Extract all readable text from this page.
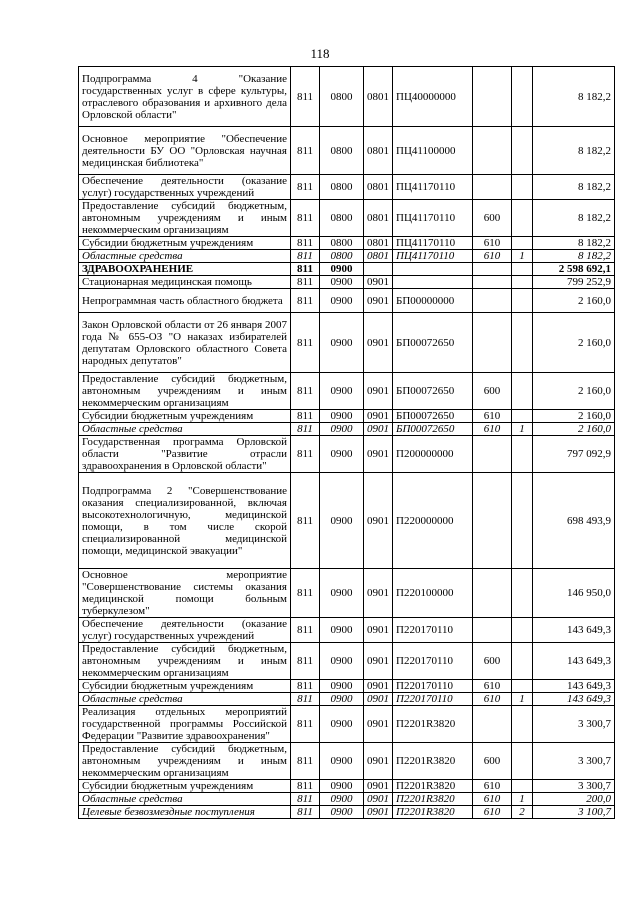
118
Подпрограмма 4 "Оказание государственных услуг в сфере культуры, отраслевого образования и архивного дела Орловской области"	811	0800	0801	ПЦ40000000			8 182,2
Основное мероприятие "Обеспечение деятельности БУ ОО "Орловская научная медицинская библиотека"	811	0800	0801	ПЦ41100000			8 182,2
Обеспечение деятельности (оказание услуг) государственных учреждений	811	0800	0801	ПЦ41170110			8 182,2
Предоставление субсидий бюджетным, автономным учреждениям и иным некоммерческим организациям	811	0800	0801	ПЦ41170110	600		8 182,2
Субсидии бюджетным учреждениям	811	0800	0801	ПЦ41170110	610		8 182,2
Областные средства	811	0800	0801	ПЦ41170110	610	1	8 182,2
ЗДРАВООХРАНЕНИЕ	811	0900					2 598 692,1
Стационарная медицинская помощь	811	0900	0901				799 252,9
Непрограммная часть областного бюджета	811	0900	0901	БП00000000			2 160,0
Закон Орловской области от 26 января 2007 года № 655-ОЗ "О наказах избирателей депутатам Орловского областного Совета народных депутатов"	811	0900	0901	БП00072650			2 160,0
Предоставление субсидий бюджетным, автономным учреждениям и иным некоммерческим организациям	811	0900	0901	БП00072650	600		2 160,0
Субсидии бюджетным учреждениям	811	0900	0901	БП00072650	610		2 160,0
Областные средства	811	0900	0901	БП00072650	610	1	2 160,0
Государственная программа Орловской области "Развитие отрасли здравоохранения в Орловской области"	811	0900	0901	П200000000			797 092,9
Подпрограмма 2 "Совершенствование оказания специализированной, включая высокотехнологичную, медицинской помощи, в том числе скорой специализированной медицинской помощи, медицинской эвакуации"	811	0900	0901	П220000000			698 493,9
Основное мероприятие "Совершенствование системы оказания медицинской помощи больным туберкулезом"	811	0900	0901	П220100000			146 950,0
Обеспечение деятельности (оказание услуг) государственных учреждений	811	0900	0901	П220170110			143 649,3
Предоставление субсидий бюджетным, автономным учреждениям и иным некоммерческим организациям	811	0900	0901	П220170110	600		143 649,3
Субсидии бюджетным учреждениям	811	0900	0901	П220170110	610		143 649,3
Областные средства	811	0900	0901	П220170110	610	1	143 649,3
Реализация отдельных мероприятий государственной программы Российской Федерации "Развитие здравоохранения"	811	0900	0901	П2201R3820			3 300,7
Предоставление субсидий бюджетным, автономным учреждениям и иным некоммерческим организациям	811	0900	0901	П2201R3820	600		3 300,7
Субсидии бюджетным учреждениям	811	0900	0901	П2201R3820	610		3 300,7
Областные средства	811	0900	0901	П2201R3820	610	1	200,0
Целевые безвозмездные поступления	811	0900	0901	П2201R3820	610	2	3 100,7
